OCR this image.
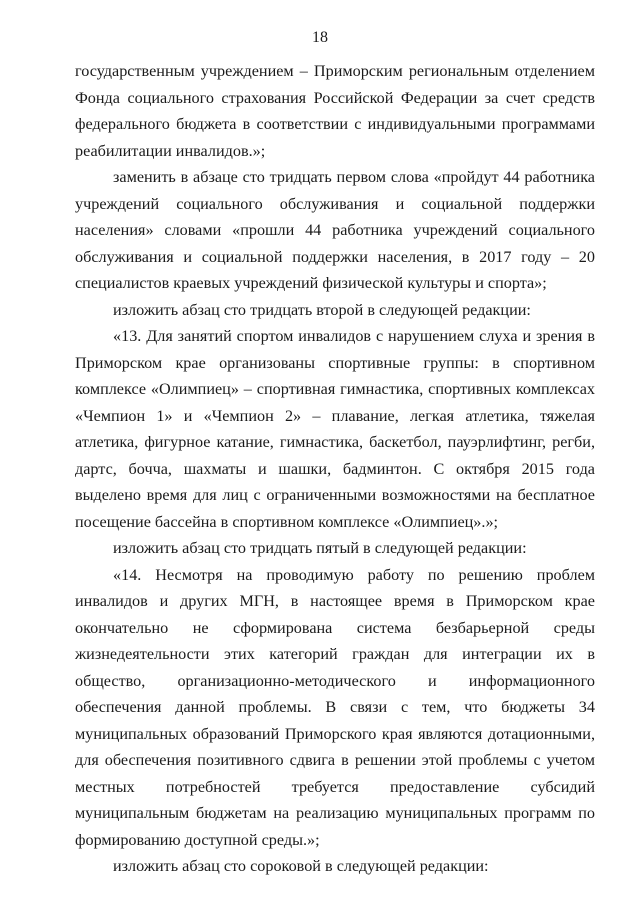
18

государственным учреждением – Приморским региональным отделением Фонда социального страхования Российской Федерации за счет средств федерального бюджета в соответствии с индивидуальными программами реабилитации инвалидов.»;

заменить в абзаце сто тридцать первом слова «пройдут 44 работника учреждений социального обслуживания и социальной поддержки населения» словами «прошли 44 работника учреждений социального обслуживания и социальной поддержки населения, в 2017 году – 20 специалистов краевых учреждений физической культуры и спорта»;

изложить абзац сто тридцать второй в следующей редакции:

«13. Для занятий спортом инвалидов с нарушением слуха и зрения в Приморском крае организованы спортивные группы: в спортивном комплексе «Олимпиец» – спортивная гимнастика, спортивных комплексах «Чемпион 1» и «Чемпион 2» – плавание, легкая атлетика, тяжелая атлетика, фигурное катание, гимнастика, баскетбол, пауэрлифтинг, регби, дартс, бочча, шахматы и шашки, бадминтон. С октября 2015 года выделено время для лиц с ограниченными возможностями на бесплатное посещение бассейна в спортивном комплексе «Олимпиец».»;

изложить абзац сто тридцать пятый в следующей редакции:

«14. Несмотря на проводимую работу по решению проблем инвалидов и других МГН, в настоящее время в Приморском крае окончательно не сформирована система безбарьерной среды жизнедеятельности этих категорий граждан для интеграции их в общество, организационно-методического и информационного обеспечения данной проблемы. В связи с тем, что бюджеты 34 муниципальных образований Приморского края являются дотационными, для обеспечения позитивного сдвига в решении этой проблемы с учетом местных потребностей требуется предоставление субсидий муниципальным бюджетам на реализацию муниципальных программ по формированию доступной среды.»;

изложить абзац сто сороковой в следующей редакции:
